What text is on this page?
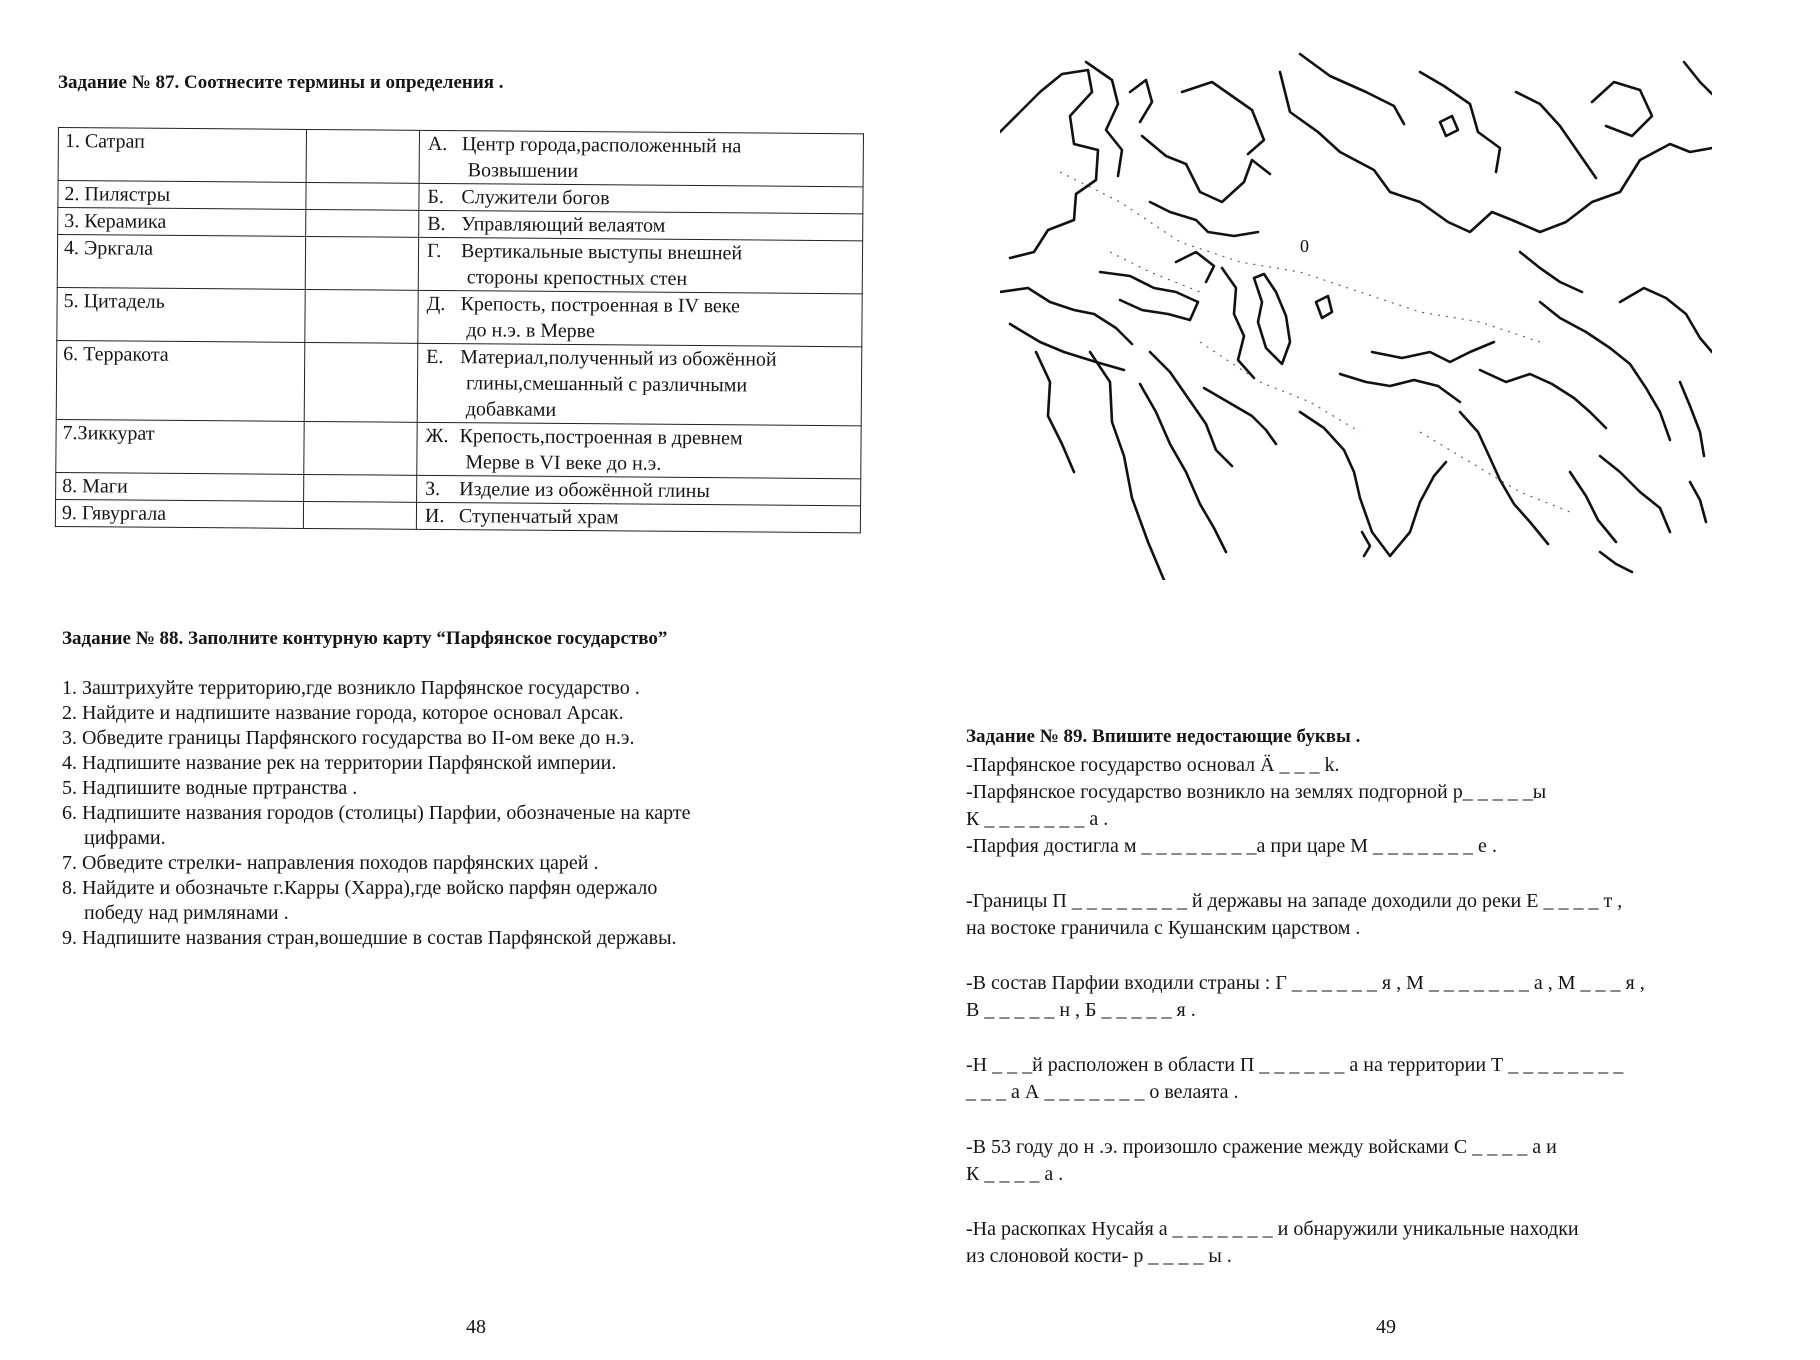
Задание № 87. Соотнесите термины и определения .
1. Сатрап		А. Центр города,расположенный на
Возвышении

2. Пилястры		Б. Служители богов
3. Керамика		В. Управляющий велаятом
4. Эркгала		Г. Вертикальные выступы внешней
стороны крепостных стен

5. Цитадель		Д. Крепость, построенная в IV веке
до н.э. в Мерве

6. Терракота		Е. Материал,полученный из обожённой
глины,смешанный с различными
добавками

7.Зиккурат		Ж. Крепость,построенная в древнем
Мерве в VI веке до н.э.

8. Маги		З. Изделие из обожённой глины
9. Гявургала		И. Ступенчатый храм
Задание № 88. Заполните контурную карту “Парфянское государство”
1. Заштрихуйте территорию,где возникло Парфянское государство .
2. Найдите и надпишите название города, которое основал Арсак.
3. Обведите границы Парфянского государства во II-ом веке до н.э.
4. Надпишите название рек на территории Парфянской империи.
5. Надпишите водные пртранства .
6. Надпишите названия городов (столицы) Парфии, обозначеные на карте
цифрами.
7. Обведите стрелки- направления походов парфянских царей .
8. Найдите и обозначьте г.Карры (Харра),где войско парфян одержало
победу над римлянами .
9. Надпишите названия стран,вошедшие в состав Парфянской державы.
48
0
Задание № 89. Впишите недостающие буквы .
-Парфянское государство основал Ä _ _ _ k.
-Парфянское государство возникло на землях подгорной р_ _ _ _ _ы
К _ _ _ _ _ _ _ а .
-Парфия достигла м _ _ _ _ _ _ _ _а при царе М _ _ _ _ _ _ _ е .
-Границы П _ _ _ _ _ _ _ _ й державы на западе доходили до реки Е _ _ _ _ т ,
на востоке граничила с Кушанским царством .
-В состав Парфии входили страны : Г _ _ _ _ _ _ я , М _ _ _ _ _ _ _ а , М _ _ _ я ,
В _ _ _ _ _ н , Б _ _ _ _ _ я .
-Н _ _ _й расположен в области П _ _ _ _ _ _ а на территории Т _ _ _ _ _ _ _ _
_ _ _ а А _ _ _ _ _ _ _ о велаята .
-В 53 году до н .э. произошло сражение между войсками С _ _ _ _ а и
К _ _ _ _ а .
-На раскопках Нусайя а _ _ _ _ _ _ _ и обнаружили уникальные находки
из слоновой кости- р _ _ _ _ ы .
49
